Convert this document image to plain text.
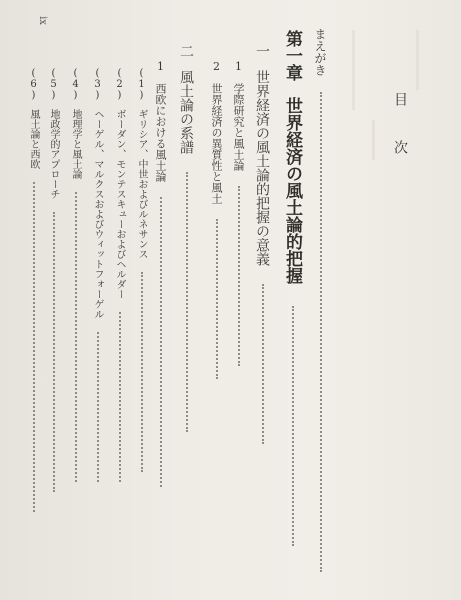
ix
目　次
まえがき
第一章世界経済の風土論的把握
一世界経済の風土論的把握の意義
1学際研究と風土論
2世界経済の異質性と風土
二風土論の系譜
1西欧における風土論
(1)ギリシア、中世およびルネサンス
(2)ボーダン、モンテスキューおよびヘルダー
(3)ヘーゲル、マルクスおよびウィットフォーゲル
(4)地理学と風土論
(5)地政学的アプローチ
(6)風土論と西欧
